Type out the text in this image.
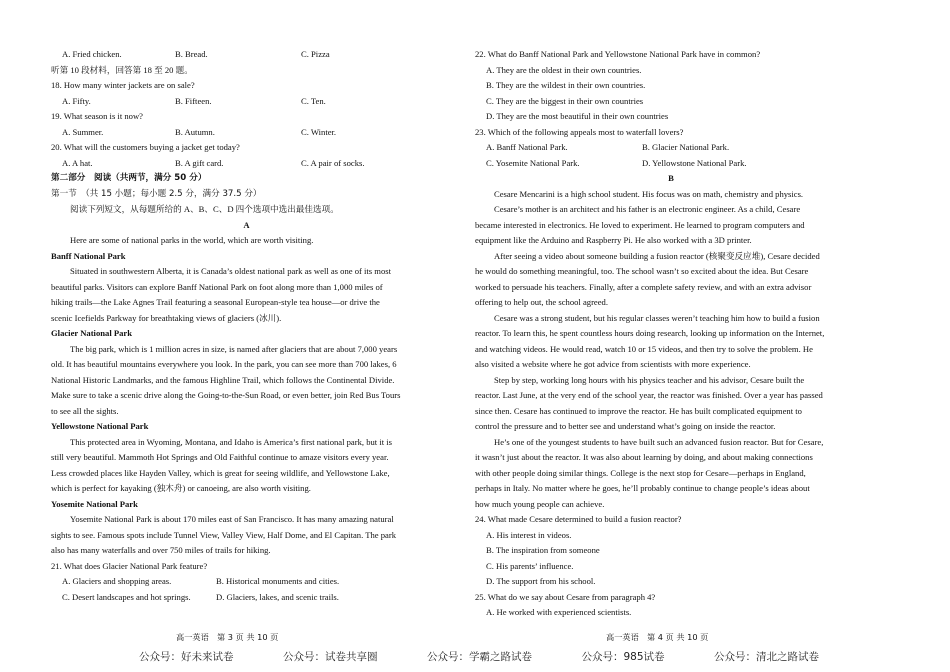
A. Fried chicken.	B. Bread.	C. Pizza
听第 10 段材料，回答第 18 至 20 题。
18. How many winter jackets are on sale?
A. Fifty.	B. Fifteen.	C. Ten.
19. What season is it now?
A. Summer.	B. Autumn.	C. Winter.
20. What will the customers buying a jacket get today?
A. A hat.	B. A gift card.	C. A pair of socks.
第二部分　阅读（共两节，满分 50 分）
第一节　（共 15 小题；每小题 2.5 分，满分 37.5 分）
阅读下列短文，从每题所给的 A、B、C、D 四个选项中选出最佳选项。
A
Here are some of national parks in the world, which are worth visiting.
Banff National Park
Situated in southwestern Alberta, it is Canada’s oldest national park as well as one of its most
beautiful parks. Visitors can explore Banff National Park on foot along more than 1,000 miles of
hiking trails—the Lake Agnes Trail featuring a seasonal European-style tea house—or drive the
scenic Icefields Parkway for breathtaking views of glaciers (冰川).
Glacier National Park
The big park, which is 1 million acres in size, is named after glaciers that are about 7,000 years
old. It has beautiful mountains everywhere you look. In the park, you can see more than 700 lakes, 6
National Historic Landmarks, and the famous Highline Trail, which follows the Continental Divide.
Make sure to take a scenic drive along the Going-to-the-Sun Road, or even better, join Red Bus Tours
to see all the sights.
Yellowstone National Park
This protected area in Wyoming, Montana, and Idaho is America’s first national park, but it is
still very beautiful. Mammoth Hot Springs and Old Faithful continue to amaze visitors every year.
Less crowded places like Hayden Valley, which is great for seeing wildlife, and Yellowstone Lake,
which is perfect for kayaking (独木舟) or canoeing, are also worth visiting.
Yosemite National Park
Yosemite National Park is about 170 miles east of San Francisco. It has many amazing natural
sights to see. Famous spots include Tunnel View, Valley View, Half Dome, and El Capitan. The park
also has many waterfalls and over 750 miles of trails for hiking.
21. What does Glacier National Park feature?
A. Glaciers and shopping areas.	B. Historical monuments and cities.
C. Desert landscapes and hot springs.	D. Glaciers, lakes, and scenic trails.
22. What do Banff National Park and Yellowstone National Park have in common?
A. They are the oldest in their own countries.
B. They are the wildest in their own countries.
C. They are the biggest in their own countries
D. They are the most beautiful in their own countries
23. Which of the following appeals most to waterfall lovers?
A. Banff National Park.	B. Glacier National Park.
C. Yosemite National Park.	D. Yellowstone National Park.
B
Cesare Mencarini is a high school student. His focus was on math, chemistry and physics.
Cesare’s mother is an architect and his father is an electronic engineer. As a child, Cesare
became interested in electronics. He loved to experiment. He learned to program computers and
equipment like the Arduino and Raspberry Pi. He also worked with a 3D printer.
After seeing a video about someone building a fusion reactor (核聚变反应堆), Cesare decided
he would do something meaningful, too. The school wasn’t so excited about the idea. But Cesare
worked to persuade his teachers. Finally, after a complete safety review, and with an extra advisor
offering to help out, the school agreed.
Cesare was a strong student, but his regular classes weren’t teaching him how to build a fusion
reactor. To learn this, he spent countless hours doing research, looking up information on the Internet,
and watching videos. He would read, watch 10 or 15 videos, and then try to solve the problem. He
also visited a website where he got advice from scientists with more experience.
Step by step, working long hours with his physics teacher and his advisor, Cesare built the
reactor. Last June, at the very end of the school year, the reactor was finished. Over a year has passed
since then. Cesare has continued to improve the reactor. He has built complicated equipment to
control the pressure and to better see and understand what’s going on inside the reactor.
He’s one of the youngest students to have built such an advanced fusion reactor. But for Cesare,
it wasn’t just about the reactor. It was also about learning by doing, and about making connections
with other people doing similar things. College is the next stop for Cesare—perhaps in England,
perhaps in Italy. No matter where he goes, he’ll probably continue to change people’s ideas about
how much young people can achieve.
24. What made Cesare determined to build a fusion reactor?
A. His interest in videos.
B. The inspiration from someone
C. His parents’ influence.
D. The support from his school.
25. What do we say about Cesare from paragraph 4?
A. He worked with experienced scientists.
高一英语　第 3 页 共 10 页	高一英语　第 4 页 共 10 页
公众号：好未来试卷	公众号：试卷共享圈	公众号：学霸之路试卷	公众号：985试卷	公众号：清北之路试卷
